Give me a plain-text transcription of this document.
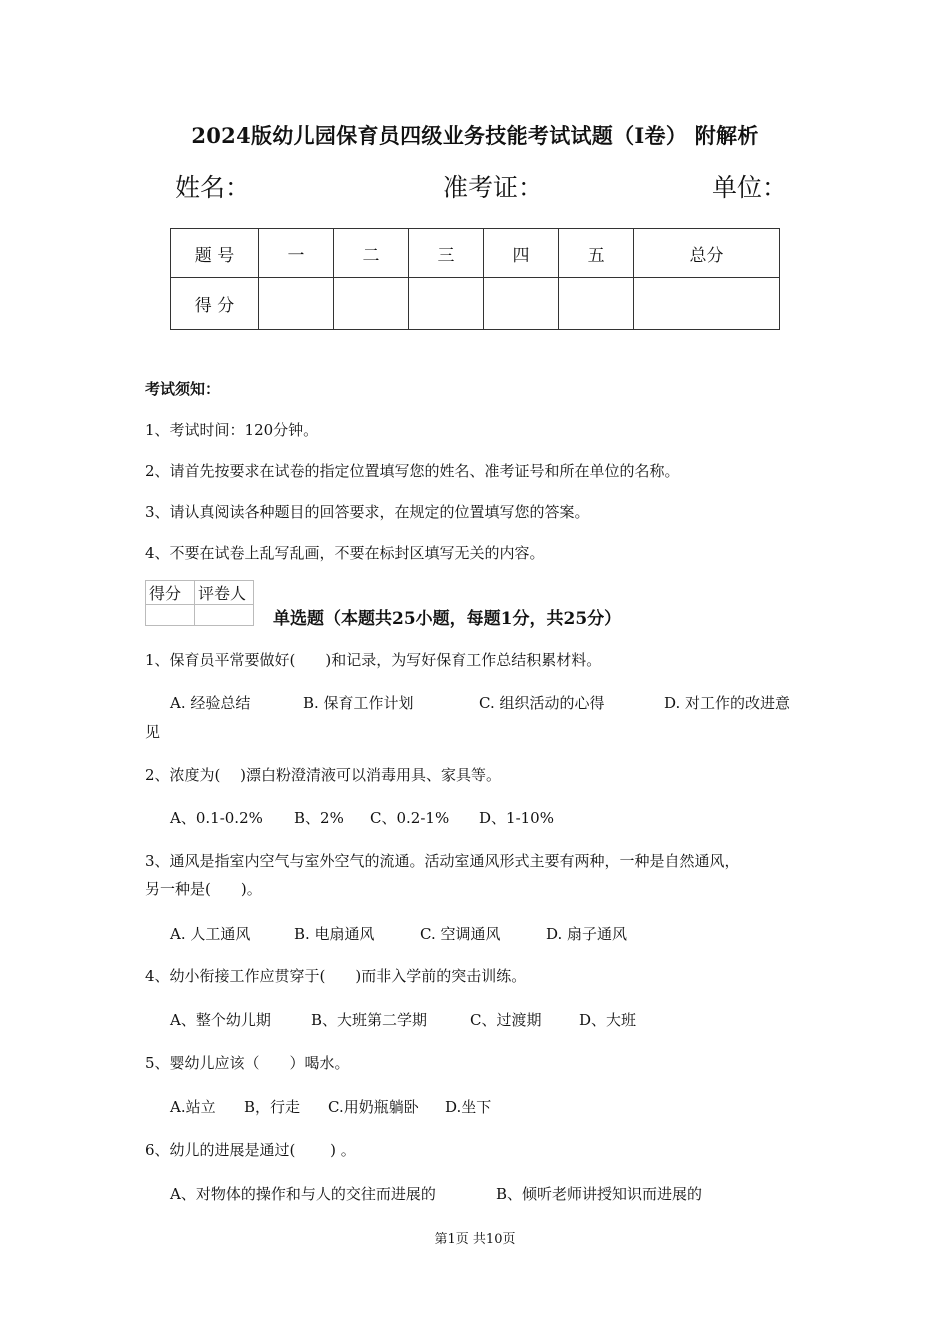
2024版幼儿园保育员四级业务技能考试试题（I卷） 附解析
姓名：	准考证：	单位：
题 号	一	二	三	四	五	总分
得 分						
考试须知：
1、考试时间：120分钟。
2、请首先按要求在试卷的指定位置填写您的姓名、准考证号和所在单位的名称。
3、请认真阅读各种题目的回答要求，在规定的位置填写您的答案。
4、不要在试卷上乱写乱画，不要在标封区填写无关的内容。
得分	评卷人

单选题（本题共25小题，每题1分，共25分）
1、保育员平常要做好(　　)和记录，为写好保育工作总结积累材料。
A. 经验总结	B. 保育工作计划	C. 组织活动的心得	D. 对工作的改进意
见
2、浓度为(　 )漂白粉澄清液可以消毒用具、家具等。
A、0.1-0.2% B、2% C、0.2-1% D、1-10%
3、通风是指室内空气与室外空气的流通。活动室通风形式主要有两种，一种是自然通风，
另一种是(　　)。
A. 人工通风	B. 电扇通风	C. 空调通风	D. 扇子通风
4、幼小衔接工作应贯穿于(　　)而非入学前的突击训练。
A、整个幼儿期	B、大班第二学期	C、过渡期	D、大班
5、婴幼儿应该（　　）喝水。
A.站立 B，行走 C.用奶瓶躺卧 D.坐下
6、幼儿的进展是通过(　　 ) 。
A、对物体的操作和与人的交往而进展的	B、倾听老师讲授知识而进展的
第1页 共10页
